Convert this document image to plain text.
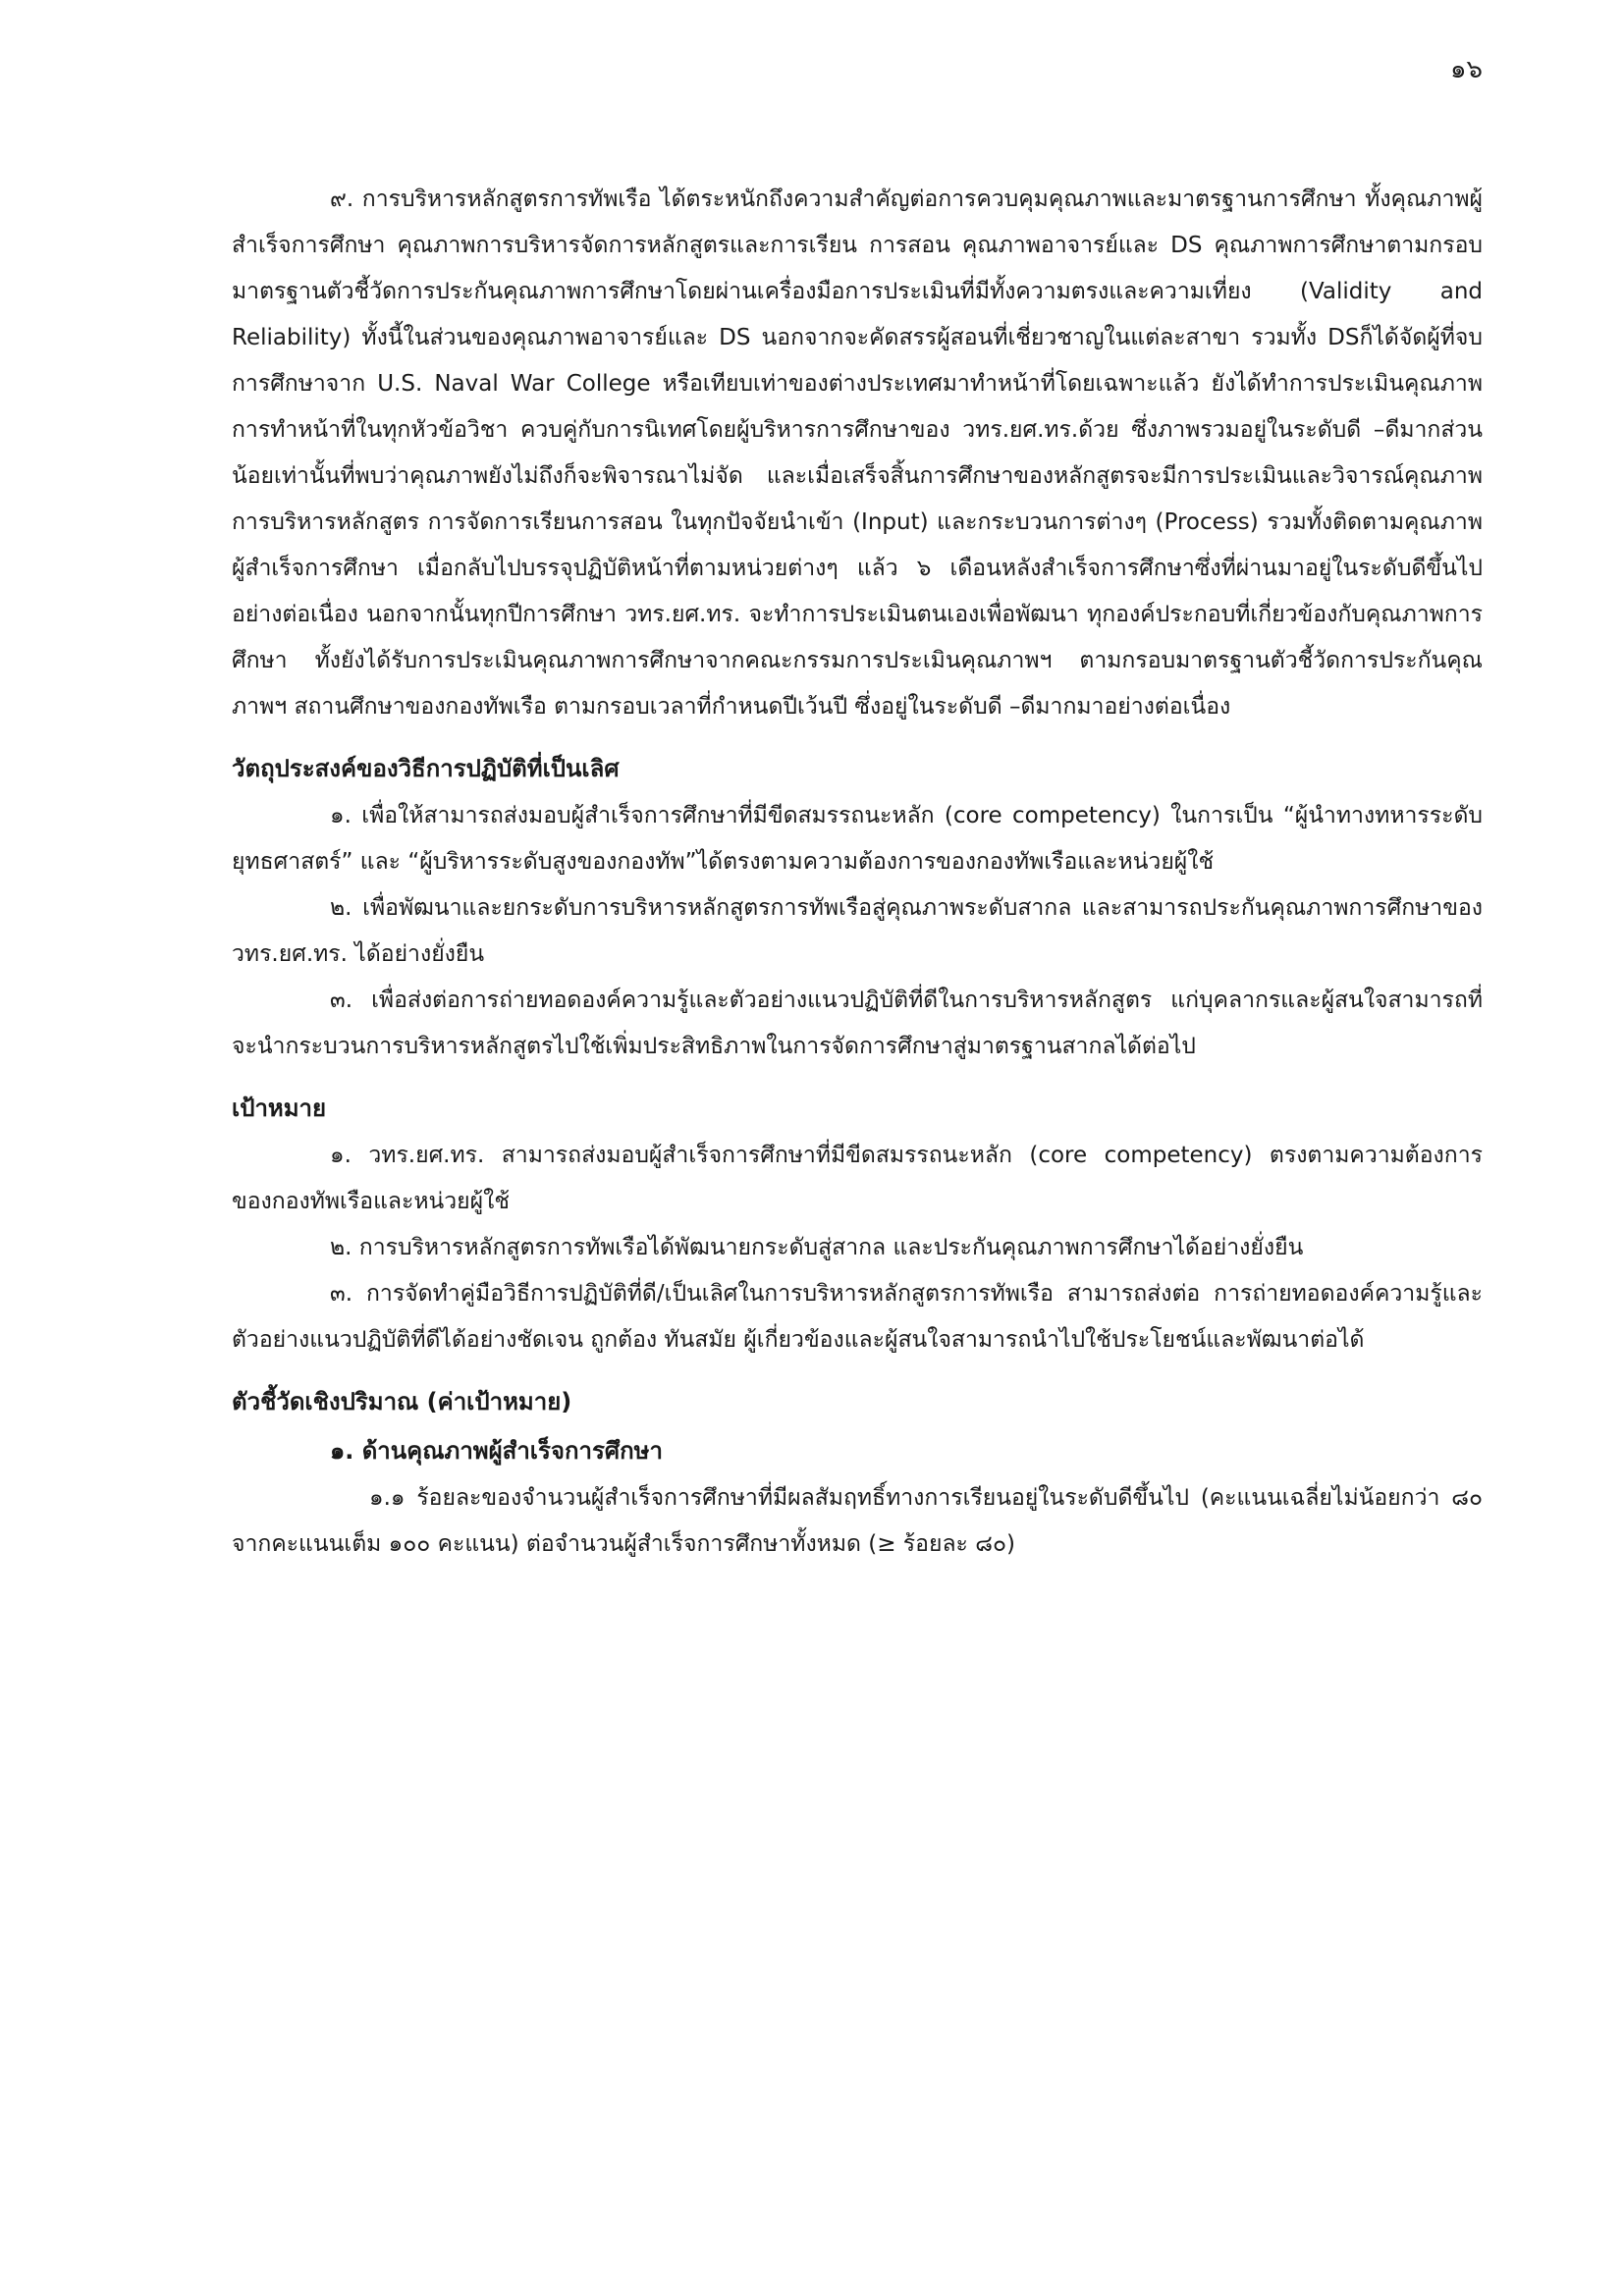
๑๖

๙. การบริหารหลักสูตรการทัพเรือ ได้ตระหนักถึงความสำคัญต่อการควบคุมคุณภาพและมาตรฐานการศึกษา ทั้งคุณภาพผู้สำเร็จการศึกษา คุณภาพการบริหารจัดการหลักสูตรและการเรียน การสอน คุณภาพอาจารย์และ DS คุณภาพการศึกษาตามกรอบมาตรฐานตัวชี้วัดการประกันคุณภาพการศึกษาโดยผ่านเครื่องมือการประเมินที่มีทั้งความตรงและความเที่ยง (Validity and Reliability) ทั้งนี้ในส่วนของคุณภาพอาจารย์และ DS นอกจากจะคัดสรรผู้สอนที่เชี่ยวชาญในแต่ละสาขา รวมทั้ง DSก็ได้จัดผู้ที่จบการศึกษาจาก U.S. Naval War College หรือเทียบเท่าของต่างประเทศมาทำหน้าที่โดยเฉพาะแล้ว ยังได้ทำการประเมินคุณภาพการทำหน้าที่ในทุกหัวข้อวิชา ควบคู่กับการนิเทศโดยผู้บริหารการศึกษาของ วทร.ยศ.ทร.ด้วย ซึ่งภาพรวมอยู่ในระดับดี –ดีมากส่วนน้อยเท่านั้นที่พบว่าคุณภาพยังไม่ถึงก็จะพิจารณาไม่จัด และเมื่อเสร็จสิ้นการศึกษาของหลักสูตรจะมีการประเมินและวิจารณ์คุณภาพการบริหารหลักสูตร การจัดการเรียนการสอน ในทุกปัจจัยนำเข้า (Input) และกระบวนการต่างๆ (Process) รวมทั้งติดตามคุณภาพผู้สำเร็จการศึกษา เมื่อกลับไปบรรจุปฏิบัติหน้าที่ตามหน่วยต่างๆ แล้ว ๖ เดือนหลังสำเร็จการศึกษาซึ่งที่ผ่านมาอยู่ในระดับดีขึ้นไปอย่างต่อเนื่อง นอกจากนั้นทุกปีการศึกษา วทร.ยศ.ทร. จะทำการประเมินตนเองเพื่อพัฒนา ทุกองค์ประกอบที่เกี่ยวข้องกับคุณภาพการศึกษา ทั้งยังได้รับการประเมินคุณภาพการศึกษาจากคณะกรรมการประเมินคุณภาพฯ ตามกรอบมาตรฐานตัวชี้วัดการประกันคุณภาพฯ สถานศึกษาของกองทัพเรือ ตามกรอบเวลาที่กำหนดปีเว้นปี ซึ่งอยู่ในระดับดี –ดีมากมาอย่างต่อเนื่อง

วัตถุประสงค์ของวิธีการปฏิบัติที่เป็นเลิศ

๑. เพื่อให้สามารถส่งมอบผู้สำเร็จการศึกษาที่มีขีดสมรรถนะหลัก (core competency) ในการเป็น “ผู้นำทางทหารระดับยุทธศาสตร์” และ “ผู้บริหารระดับสูงของกองทัพ”ได้ตรงตามความต้องการของกองทัพเรือและหน่วยผู้ใช้

๒. เพื่อพัฒนาและยกระดับการบริหารหลักสูตรการทัพเรือสู่คุณภาพระดับสากล และสามารถประกันคุณภาพการศึกษาของ วทร.ยศ.ทร. ได้อย่างยั่งยืน

๓. เพื่อส่งต่อการถ่ายทอดองค์ความรู้และตัวอย่างแนวปฏิบัติที่ดีในการบริหารหลักสูตร แก่บุคลากรและผู้สนใจสามารถที่จะนำกระบวนการบริหารหลักสูตรไปใช้เพิ่มประสิทธิภาพในการจัดการศึกษาสู่มาตรฐานสากลได้ต่อไป

เป้าหมาย

๑. วทร.ยศ.ทร. สามารถส่งมอบผู้สำเร็จการศึกษาที่มีขีดสมรรถนะหลัก (core competency) ตรงตามความต้องการของกองทัพเรือและหน่วยผู้ใช้

๒. การบริหารหลักสูตรการทัพเรือได้พัฒนายกระดับสู่สากล และประกันคุณภาพการศึกษาได้อย่างยั่งยืน

๓. การจัดทำคู่มือวิธีการปฏิบัติที่ดี/เป็นเลิศในการบริหารหลักสูตรการทัพเรือ สามารถส่งต่อ การถ่ายทอดองค์ความรู้และตัวอย่างแนวปฏิบัติที่ดีได้อย่างชัดเจน ถูกต้อง ทันสมัย ผู้เกี่ยวข้องและผู้สนใจสามารถนำไปใช้ประโยชน์และพัฒนาต่อได้

ตัวชี้วัดเชิงปริมาณ (ค่าเป้าหมาย)

๑. ด้านคุณภาพผู้สำเร็จการศึกษา

๑.๑ ร้อยละของจำนวนผู้สำเร็จการศึกษาที่มีผลสัมฤทธิ์ทางการเรียนอยู่ในระดับดีขึ้นไป (คะแนนเฉลี่ยไม่น้อยกว่า ๘๐ จากคะแนนเต็ม ๑๐๐ คะแนน) ต่อจำนวนผู้สำเร็จการศึกษาทั้งหมด (≥ ร้อยละ ๘๐)
